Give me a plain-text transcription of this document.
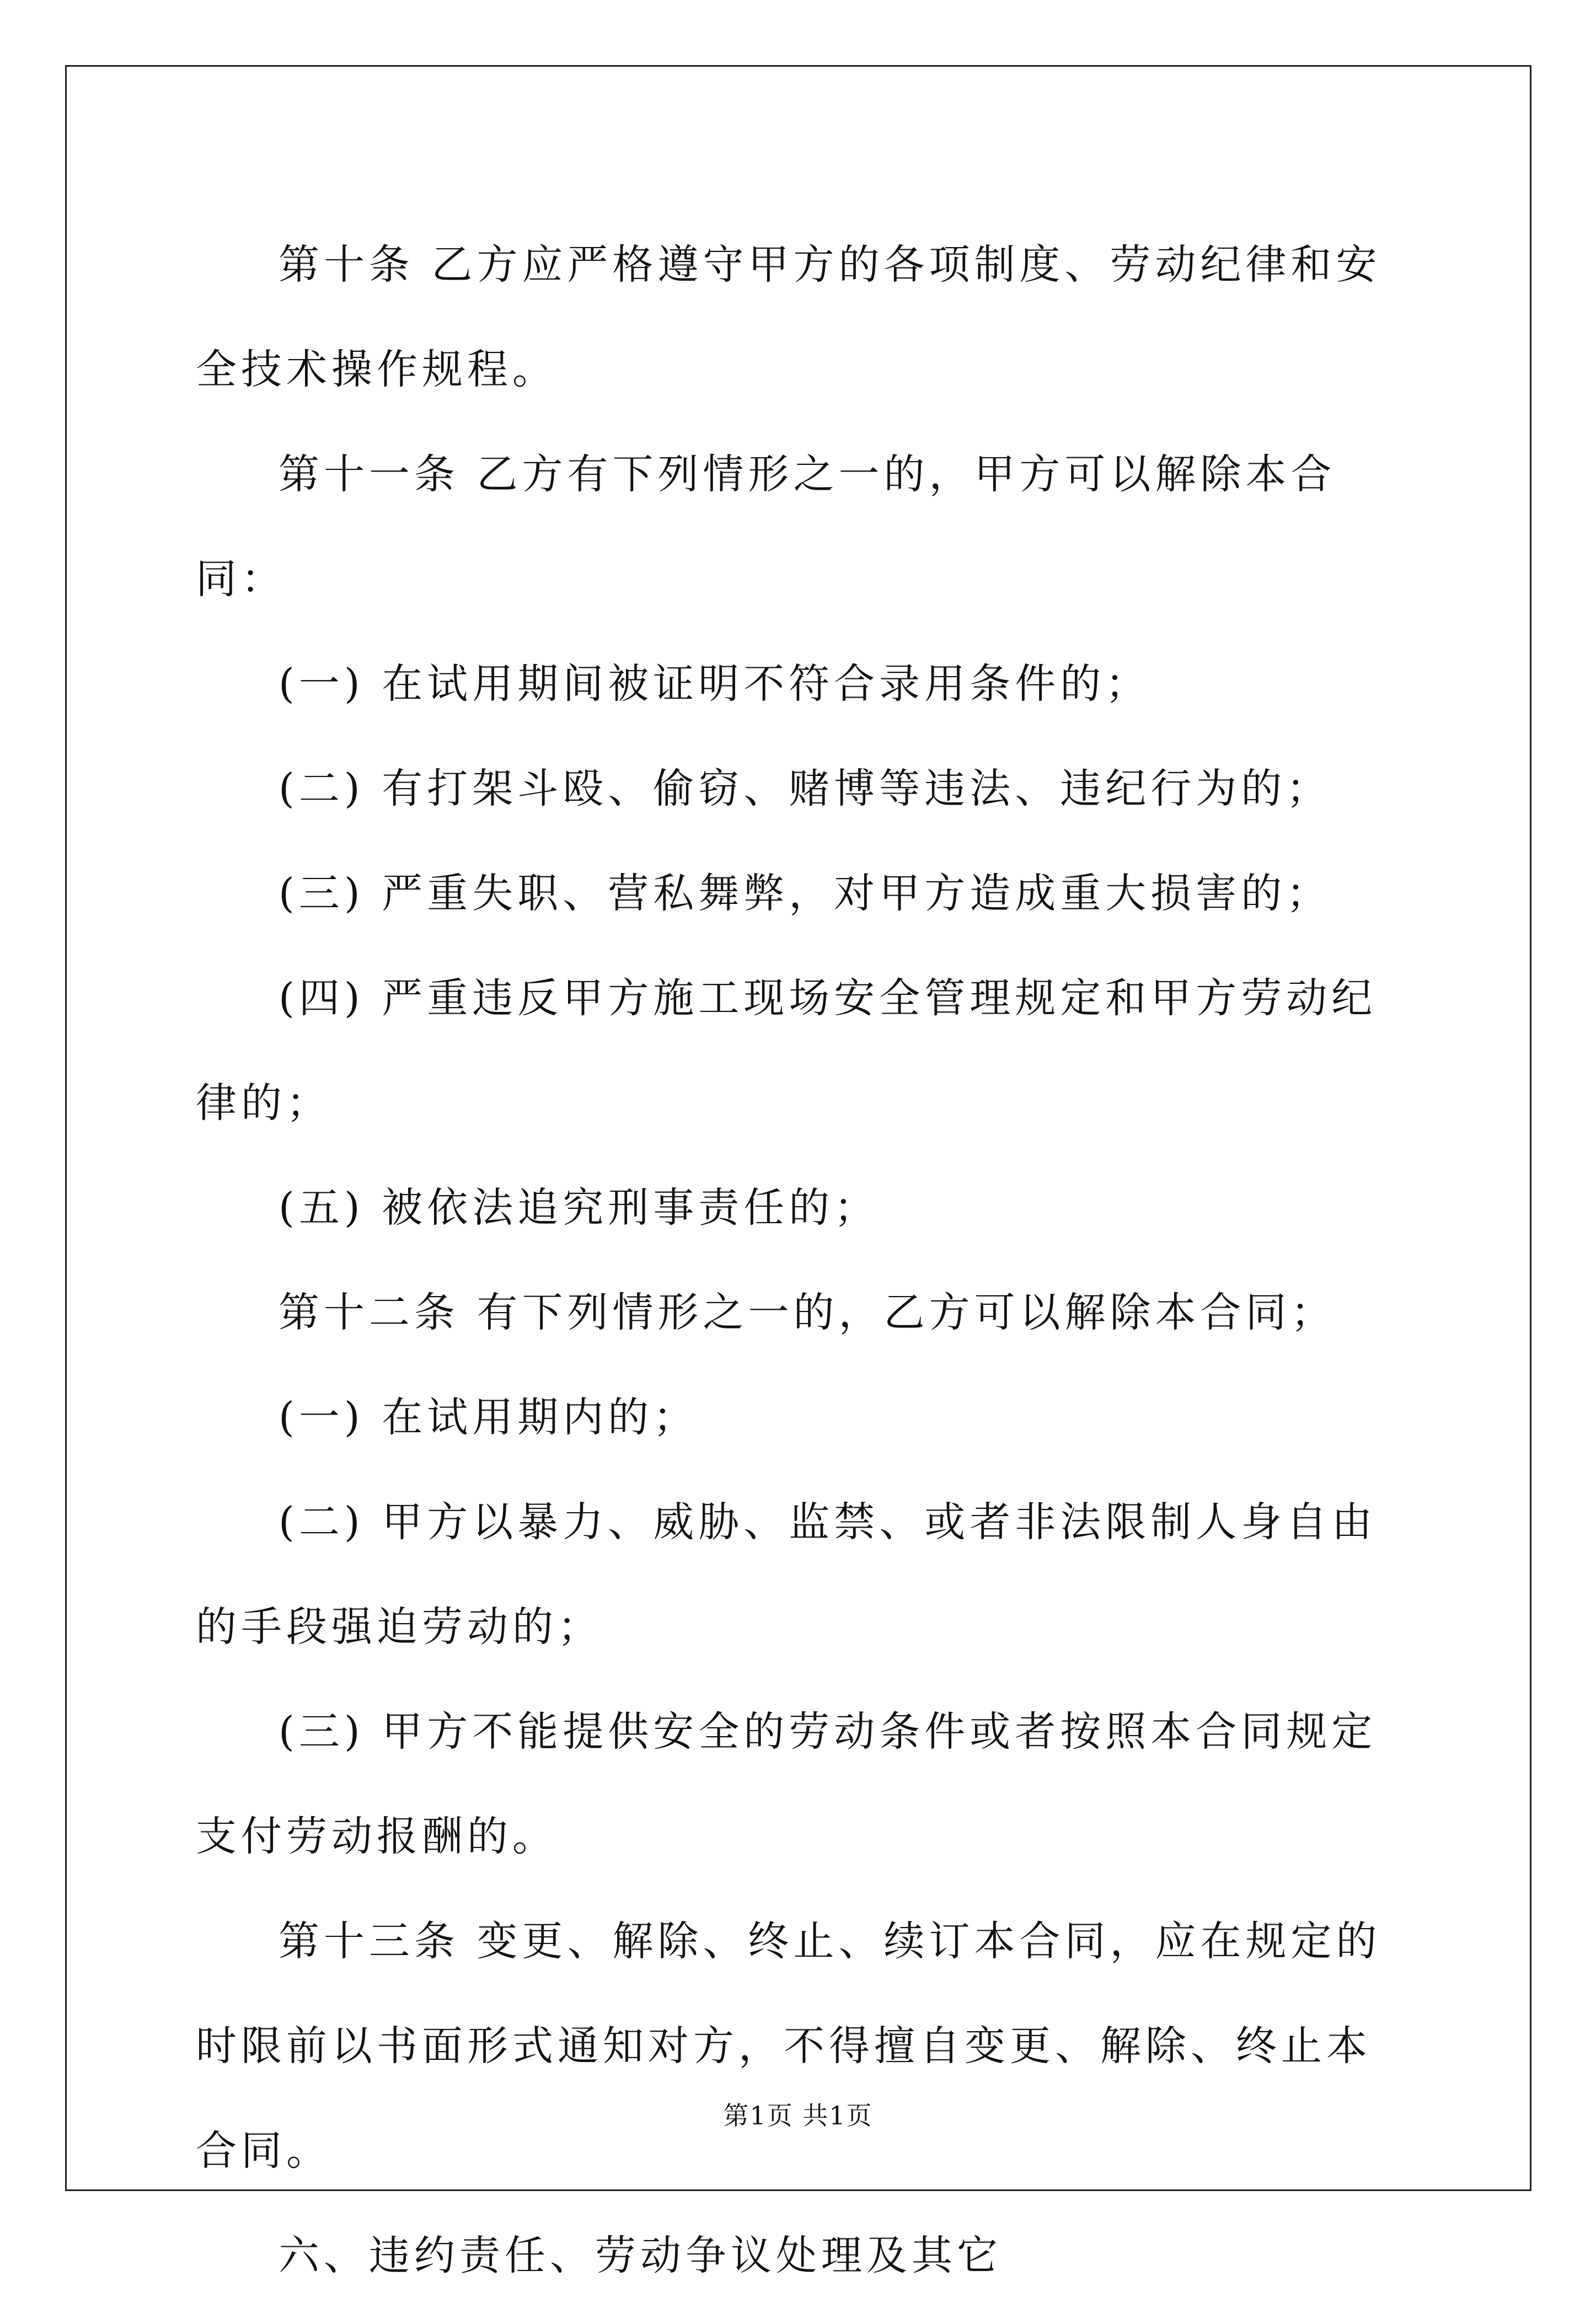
第十条 乙方应严格遵守甲方的各项制度、劳动纪律和安全技术操作规程。

第十一条 乙方有下列情形之一的，甲方可以解除本合同：

(一) 在试用期间被证明不符合录用条件的；

(二) 有打架斗殴、偷窃、赌博等违法、违纪行为的；

(三) 严重失职、营私舞弊，对甲方造成重大损害的；

(四) 严重违反甲方施工现场安全管理规定和甲方劳动纪律的；

(五) 被依法追究刑事责任的；

第十二条 有下列情形之一的，乙方可以解除本合同；

(一) 在试用期内的；

(二) 甲方以暴力、威胁、监禁、或者非法限制人身自由的手段强迫劳动的；

(三) 甲方不能提供安全的劳动条件或者按照本合同规定支付劳动报酬的。

第十三条 变更、解除、终止、续订本合同，应在规定的时限前以书面形式通知对方，不得擅自变更、解除、终止本合同。

六、违约责任、劳动争议处理及其它

第1页 共1页
